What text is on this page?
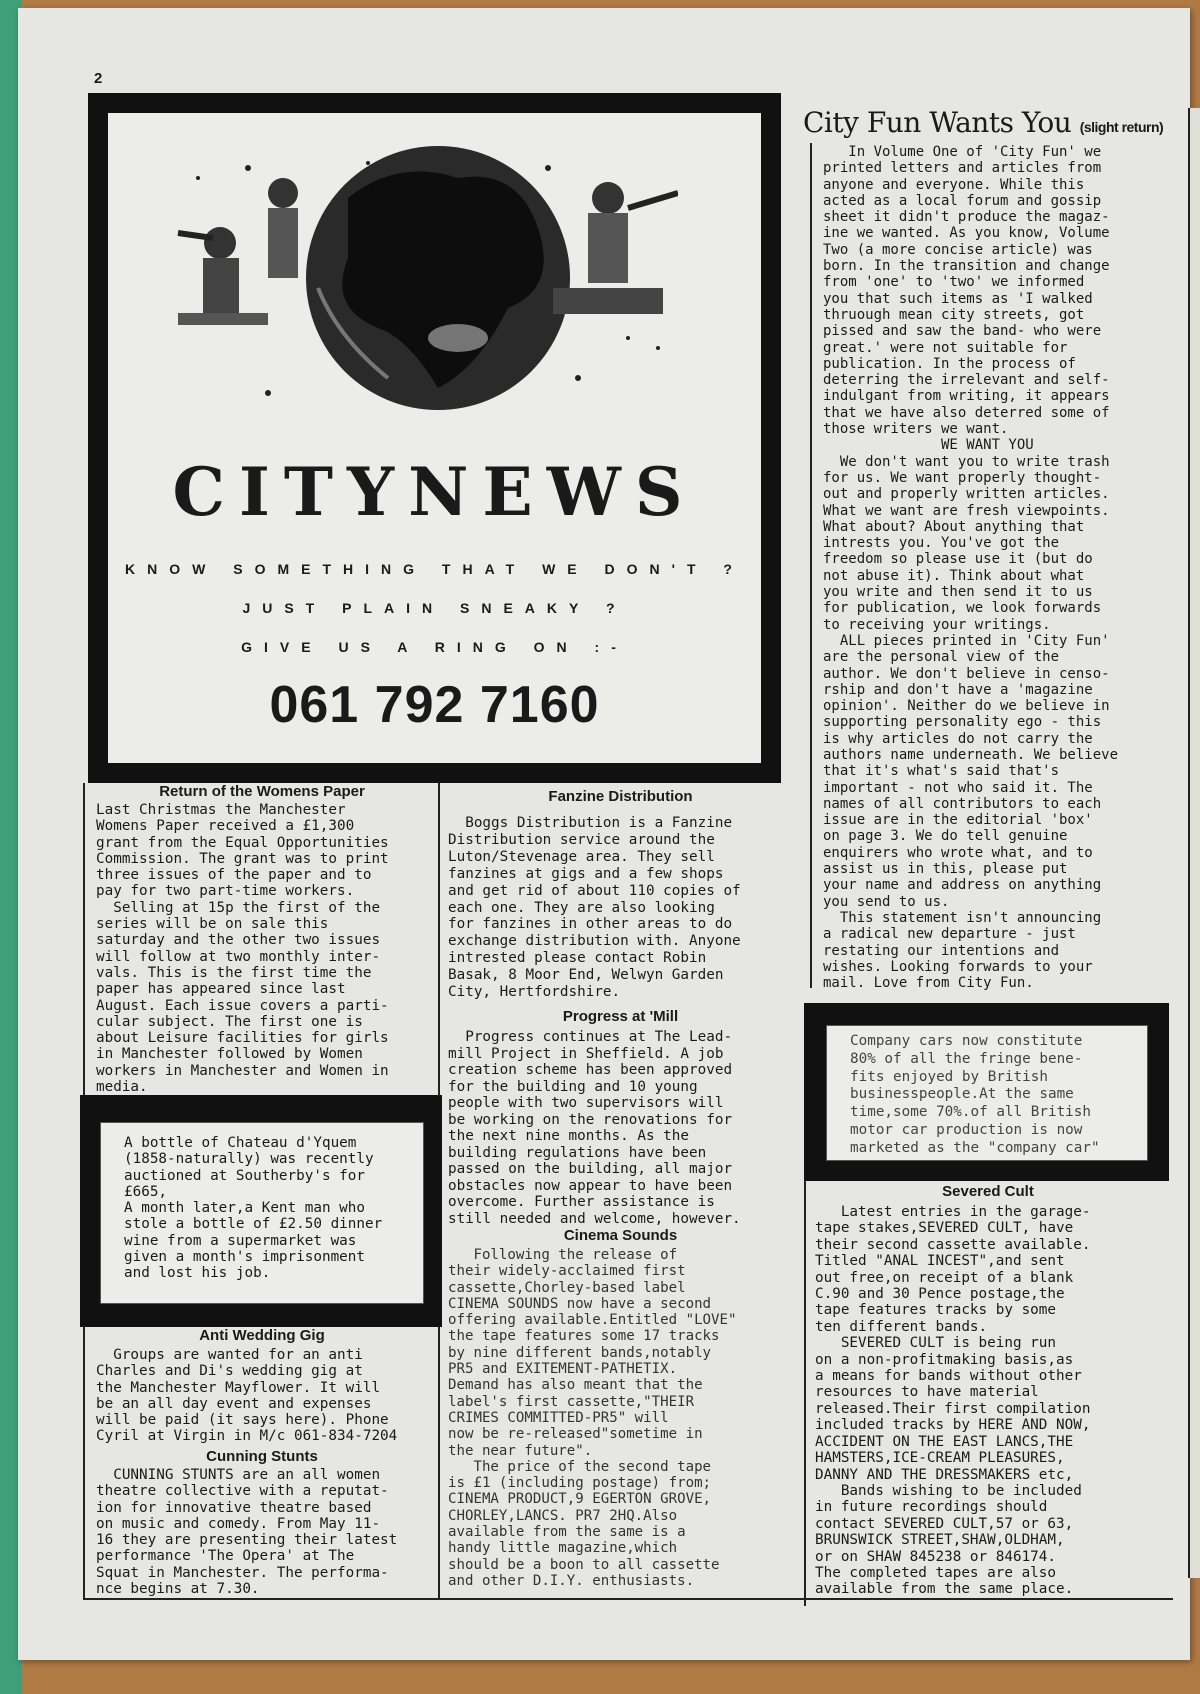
2
CITYNEWS
KNOW SOMETHING THAT WE DON'T ?
JUST PLAIN SNEAKY ?
GIVE US A RING ON :-
061 792 7160
City Fun Wants You (slight return)
In Volume One of 'City Fun' we
printed letters and articles from
anyone and everyone. While this
acted as a local forum and gossip
sheet it didn't produce the magaz-
ine we wanted. As you know, Volume
Two (a more concise article) was
born. In the transition and change
from 'one' to 'two' we informed
you that such items as 'I walked
thruough mean city streets, got
pissed and saw the band- who were
great.' were not suitable for
publication. In the process of
deterring the irrelevant and self-
indulgant from writing, it appears
that we have also deterred some of
those writers we want.
WE WANT YOU
We don't want you to write trash
for us. We want properly thought-
out and properly written articles.
What we want are fresh viewpoints.
What about? About anything that
intrests you. You've got the
freedom so please use it (but do
not abuse it). Think about what
you write and then send it to us
for publication, we look forwards
to receiving your writings.
ALL pieces printed in 'City Fun'
are the personal view of the
author. We don't believe in censo-
rship and don't have a 'magazine
opinion'. Neither do we believe in
supporting personality ego - this
is why articles do not carry the
authors name underneath. We believe
that it's what's said that's
important - not who said it. The
names of all contributors to each
issue are in the editorial 'box'
on page 3. We do tell genuine
enquirers who wrote what, and to
assist us in this, please put
your name and address on anything
you send to us.
This statement isn't announcing
a radical new departure - just
restating our intentions and
wishes. Looking forwards to your
mail. Love from City Fun.
Company cars now constitute
80% of all the fringe bene-
fits enjoyed by British
businesspeople.At the same
time,some 70%.of all British
motor car production is now
marketed as the "company car"
Severed Cult
Latest entries in the garage-
tape stakes,SEVERED CULT, have
their second cassette available.
Titled "ANAL INCEST",and sent
out free,on receipt of a blank
C.90 and 30 Pence postage,the
tape features tracks by some
ten different bands.
SEVERED CULT is being run
on a non-profitmaking basis,as
a means for bands without other
resources to have material
released.Their first compilation
included tracks by HERE AND NOW,
ACCIDENT ON THE EAST LANCS,THE
HAMSTERS,ICE-CREAM PLEASURES,
DANNY AND THE DRESSMAKERS etc,
Bands wishing to be included
in future recordings should
contact SEVERED CULT,57 or 63,
BRUNSWICK STREET,SHAW,OLDHAM,
or on SHAW 845238 or 846174.
The completed tapes are also
available from the same place.
Return of the Womens Paper
Last Christmas the Manchester
Womens Paper received a £1,300
grant from the Equal Opportunities
Commission. The grant was to print
three issues of the paper and to
pay for two part-time workers.
Selling at 15p the first of the
series will be on sale this
saturday and the other two issues
will follow at two monthly inter-
vals. This is the first time the
paper has appeared since last
August. Each issue covers a parti-
cular subject. The first one is
about Leisure facilities for girls
in Manchester followed by Women
workers in Manchester and Women in
media.
A bottle of Chateau d'Yquem
(1858-naturally) was recently
auctioned at Southerby's for
£665,
A month later,a Kent man who
stole a bottle of £2.50 dinner
wine from a supermarket was
given a month's imprisonment
and lost his job.
Anti Wedding Gig
Groups are wanted for an anti
Charles and Di's wedding gig at
the Manchester Mayflower. It will
be an all day event and expenses
will be paid (it says here). Phone
Cyril at Virgin in M/c 061-834-7204
Cunning Stunts
CUNNING STUNTS are an all women
theatre collective with a reputat-
ion for innovative theatre based
on music and comedy. From May 11-
16 they are presenting their latest
performance 'The Opera' at The
Squat in Manchester. The performa-
nce begins at 7.30.
Fanzine Distribution
Boggs Distribution is a Fanzine
Distribution service around the
Luton/Stevenage area. They sell
fanzines at gigs and a few shops
and get rid of about 110 copies of
each one. They are also looking
for fanzines in other areas to do
exchange distribution with. Anyone
intrested please contact Robin
Basak, 8 Moor End, Welwyn Garden
City, Hertfordshire.
Progress at 'Mill
Progress continues at The Lead-
mill Project in Sheffield. A job
creation scheme has been approved
for the building and 10 young
people with two supervisors will
be working on the renovations for
the next nine months. As the
building regulations have been
passed on the building, all major
obstacles now appear to have been
overcome. Further assistance is
still needed and welcome, however.
Cinema Sounds
Following the release of
their widely-acclaimed first
cassette,Chorley-based label
CINEMA SOUNDS now have a second
offering available.Entitled "LOVE"
the tape features some 17 tracks
by nine different bands,notably
PR5 and EXITEMENT-PATHETIX.
Demand has also meant that the
label's first cassette,"THEIR
CRIMES COMMITTED-PR5" will
now be re-released"sometime in
the near future".
The price of the second tape
is £1 (including postage) from;
CINEMA PRODUCT,9 EGERTON GROVE,
CHORLEY,LANCS. PR7 2HQ.Also
available from the same is a
handy little magazine,which
should be a boon to all cassette
and other D.I.Y. enthusiasts.
